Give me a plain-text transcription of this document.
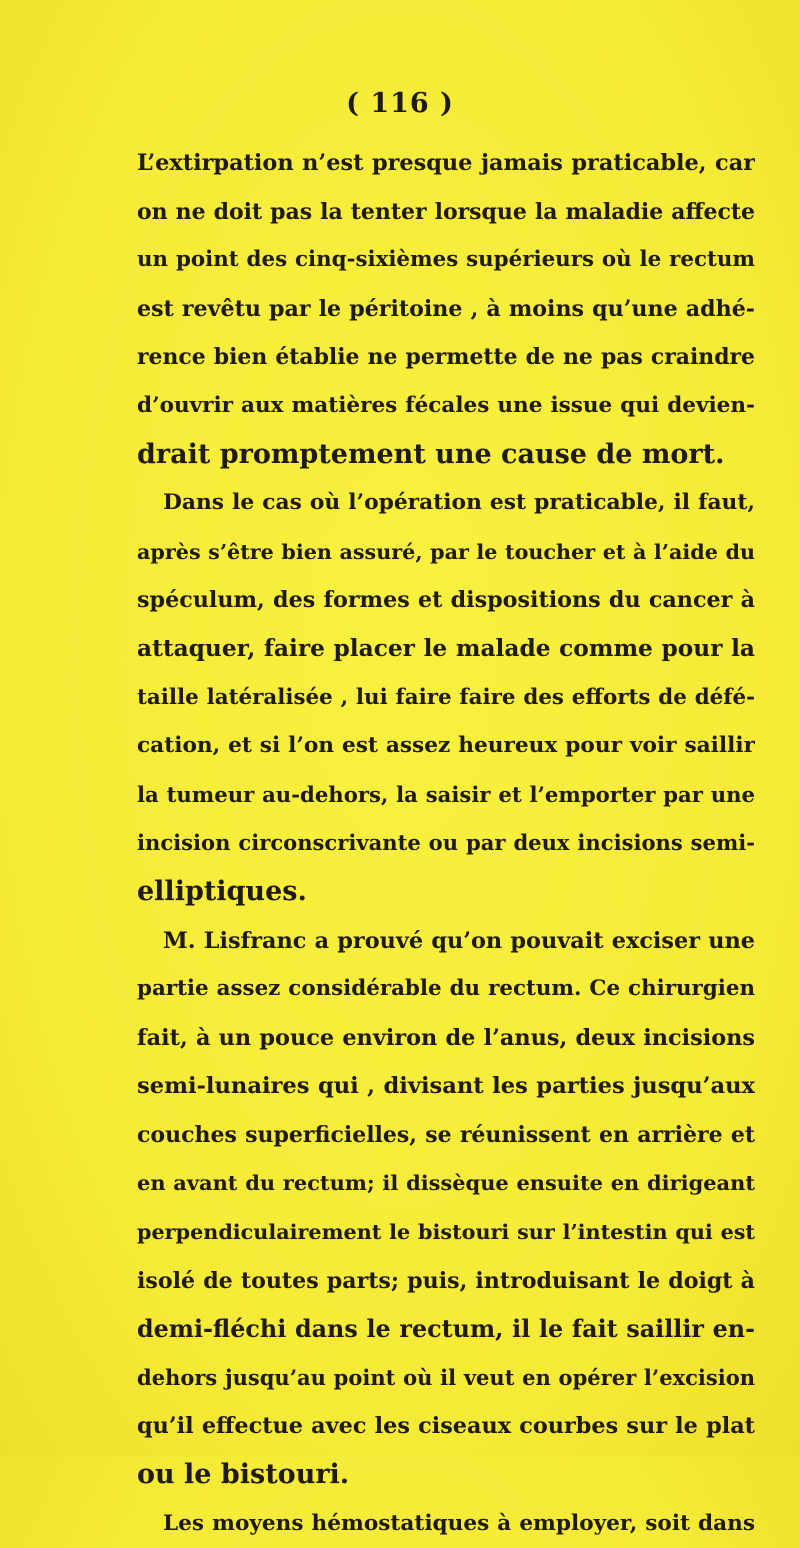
( 116 )
L’extirpation n’est presque jamais praticable, car
on ne doit pas la tenter lorsque la maladie affecte
un point des cinq-sixièmes supérieurs où le rectum
est revêtu par le péritoine , à moins qu’une adhé-
rence bien établie ne permette de ne pas craindre
d’ouvrir aux matières fécales une issue qui devien-
drait promptement une cause de mort.
Dans le cas où l’opération est praticable, il faut,
après s’être bien assuré, par le toucher et à l’aide du
spéculum, des formes et dispositions du cancer à
attaquer, faire placer le malade comme pour la
taille latéralisée , lui faire faire des efforts de défé-
cation, et si l’on est assez heureux pour voir saillir
la tumeur au-dehors, la saisir et l’emporter par une
incision circonscrivante ou par deux incisions semi-
elliptiques.
M. Lisfranc a prouvé qu’on pouvait exciser une
partie assez considérable du rectum. Ce chirurgien
fait, à un pouce environ de l’anus, deux incisions
semi-lunaires qui , divisant les parties jusqu’aux
couches superficielles, se réunissent en arrière et
en avant du rectum; il dissèque ensuite en dirigeant
perpendiculairement le bistouri sur l’intestin qui est
isolé de toutes parts; puis, introduisant le doigt à
demi-fléchi dans le rectum, il le fait saillir en-
dehors jusqu’au point où il veut en opérer l’excision
qu’il effectue avec les ciseaux courbes sur le plat
ou le bistouri.
Les moyens hémostatiques à employer, soit dans
